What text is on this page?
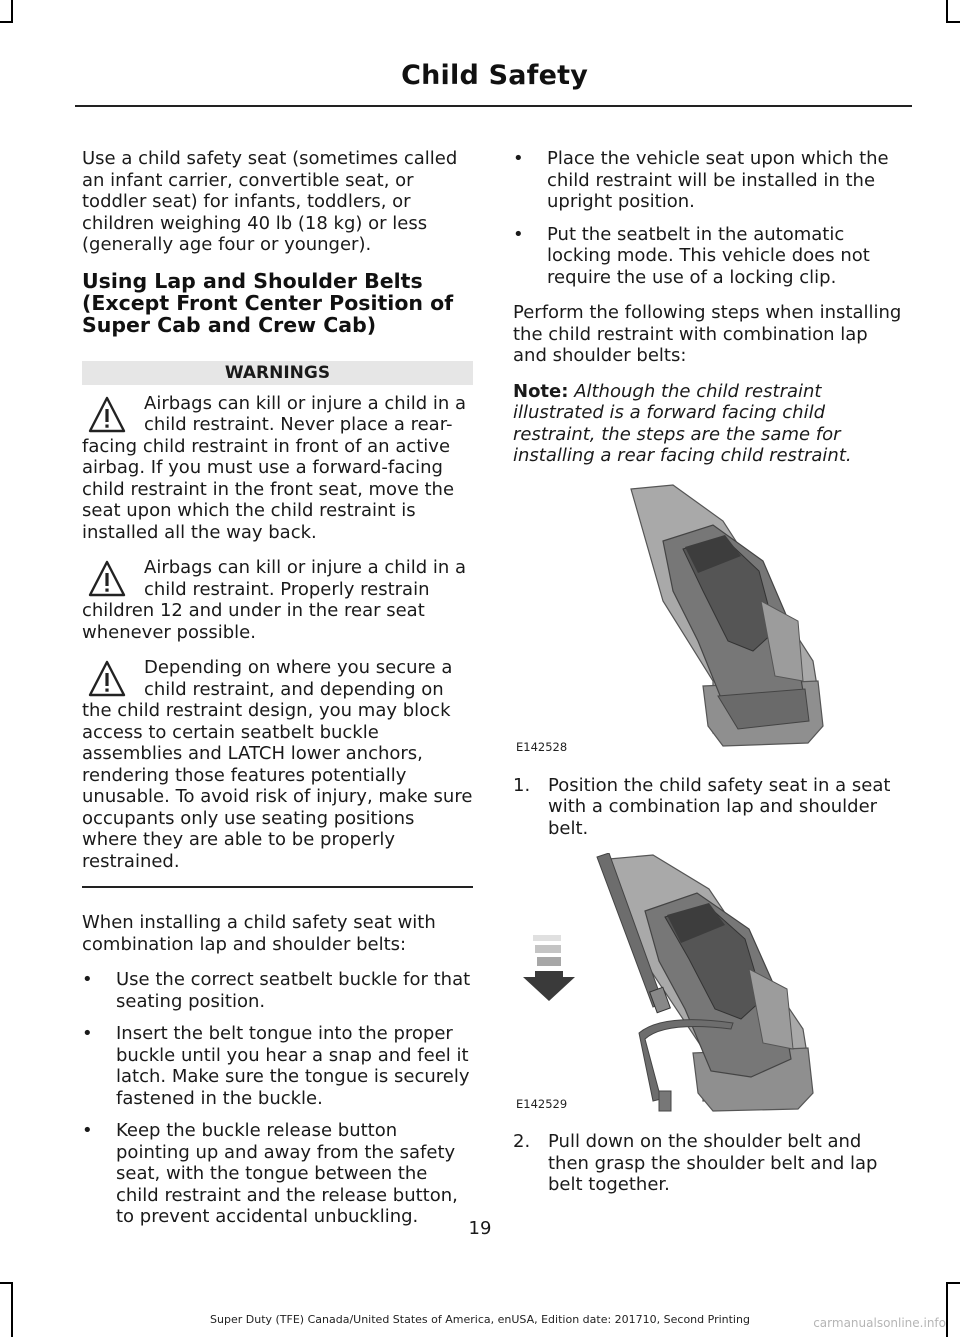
Child Safety

Use a child safety seat (sometimes called an infant carrier, convertible seat, or toddler seat) for infants, toddlers, or children weighing 40 lb (18 kg) or less (generally age four or younger).

Using Lap and Shoulder Belts (Except Front Center Position of Super Cab and Crew Cab)
WARNINGS
Airbags can kill or injure a child in a child restraint. Never place a rear-facing child restraint in front of an active airbag. If you must use a forward-facing child restraint in the front seat, move the seat upon which the child restraint is installed all the way back.
Airbags can kill or injure a child in a child restraint. Properly restrain children 12 and under in the rear seat whenever possible.
Depending on where you secure a child restraint, and depending on the child restraint design, you may block access to certain seatbelt buckle assemblies and LATCH lower anchors, rendering those features potentially unusable. To avoid risk of injury, make sure occupants only use seating positions where they are able to be properly restrained.

When installing a child safety seat with combination lap and shoulder belts:

• Use the correct seatbelt buckle for that seating position.
• Insert the belt tongue into the proper buckle until you hear a snap and feel it latch. Make sure the tongue is securely fastened in the buckle.
• Keep the buckle release button pointing up and away from the safety seat, with the tongue between the child restraint and the release button, to prevent accidental unbuckling.
• Place the vehicle seat upon which the child restraint will be installed in the upright position.
• Put the seatbelt in the automatic locking mode. This vehicle does not require the use of a locking clip.

Perform the following steps when installing the child restraint with combination lap and shoulder belts:

Note: Although the child restraint illustrated is a forward facing child restraint, the steps are the same for installing a rear facing child restraint.

E142528
1. Position the child safety seat in a seat with a combination lap and shoulder belt.
E142529
2. Pull down on the shoulder belt and then grasp the shoulder belt and lap belt together.
19
Super Duty (TFE) Canada/United States of America, enUSA, Edition date: 201710, Second Printing	carmanualsonline.info
